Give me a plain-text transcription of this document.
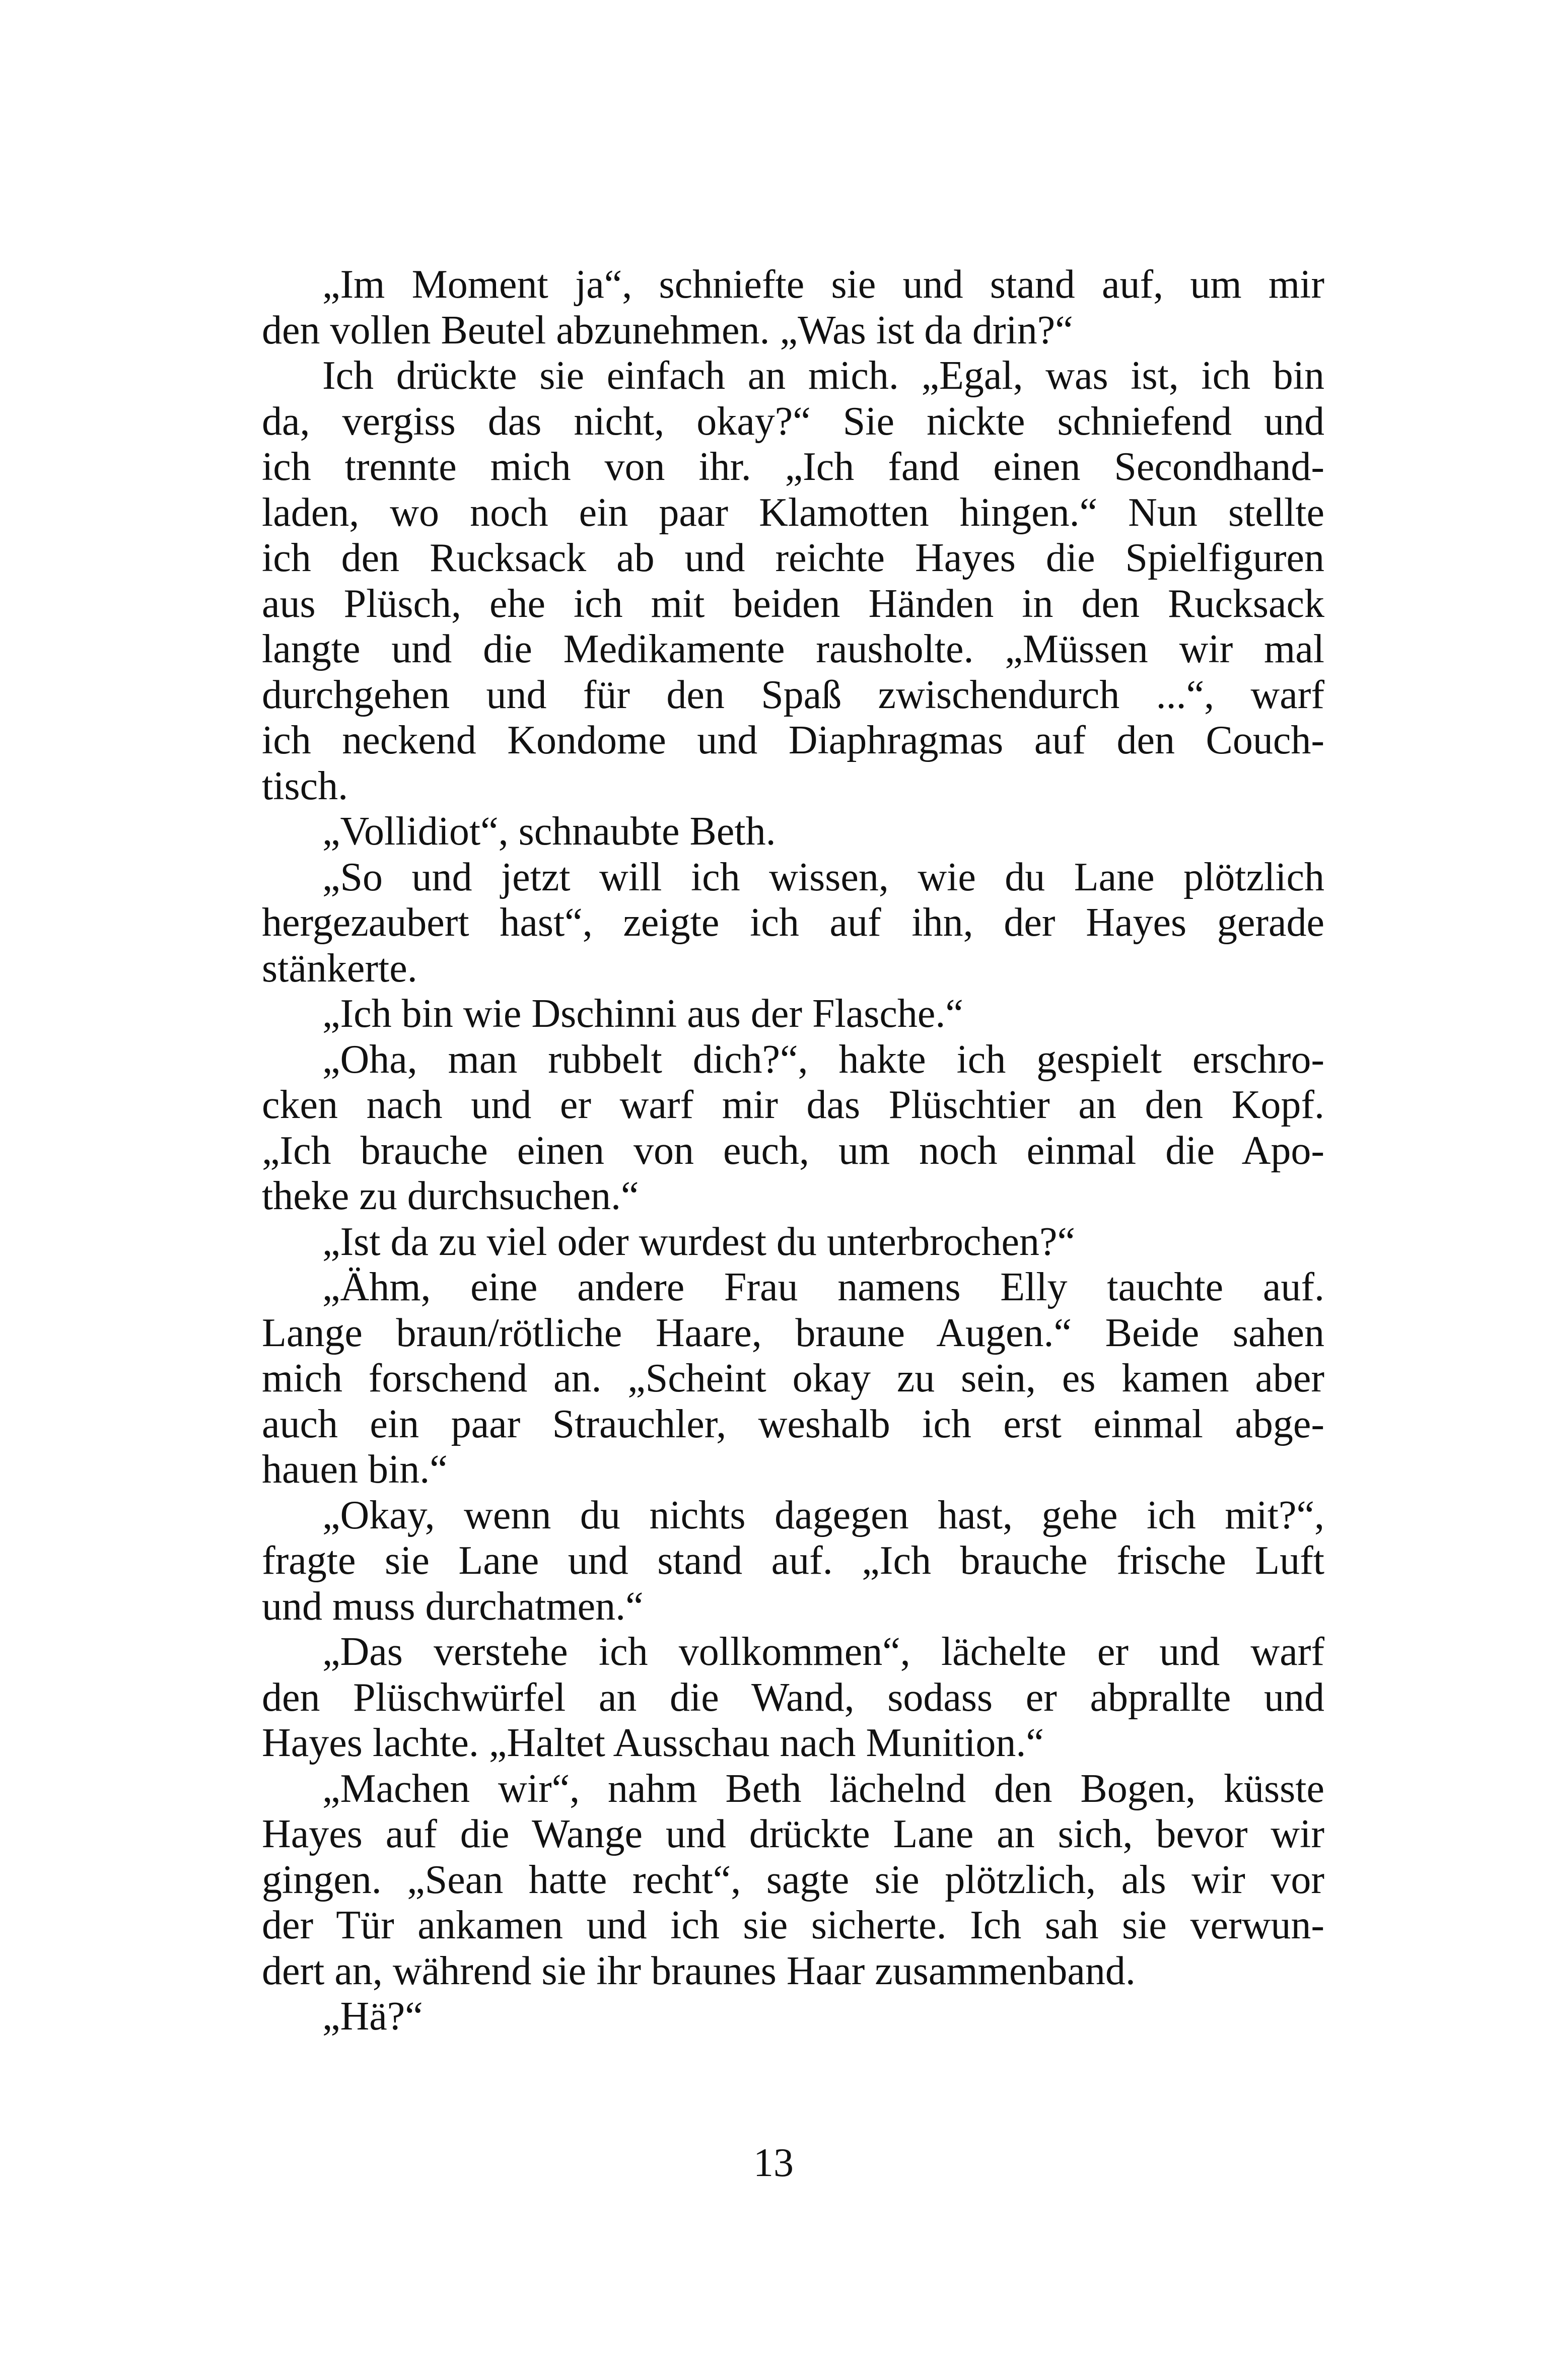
„Im Moment ja“, schniefte sie und stand auf, um mir
den vollen Beutel abzunehmen. „Was ist da drin?“
Ich drückte sie einfach an mich. „Egal, was ist, ich bin
da, vergiss das nicht, okay?“ Sie nickte schniefend und
ich trennte mich von ihr. „Ich fand einen Secondhand-
laden, wo noch ein paar Klamotten hingen.“ Nun stellte
ich den Rucksack ab und reichte Hayes die Spielfiguren
aus Plüsch, ehe ich mit beiden Händen in den Rucksack
langte und die Medikamente rausholte. „Müssen wir mal
durchgehen und für den Spaß zwischendurch ...“, warf
ich neckend Kondome und Diaphragmas auf den Couch-
tisch.
„Vollidiot“, schnaubte Beth.
„So und jetzt will ich wissen, wie du Lane plötzlich
hergezaubert hast“, zeigte ich auf ihn, der Hayes gerade
stänkerte.
„Ich bin wie Dschinni aus der Flasche.“
„Oha, man rubbelt dich?“, hakte ich gespielt erschro-
cken nach und er warf mir das Plüschtier an den Kopf.
„Ich brauche einen von euch, um noch einmal die Apo-
theke zu durchsuchen.“
„Ist da zu viel oder wurdest du unterbrochen?“
„Ähm, eine andere Frau namens Elly tauchte auf.
Lange braun/rötliche Haare, braune Augen.“ Beide sahen
mich forschend an. „Scheint okay zu sein, es kamen aber
auch ein paar Strauchler, weshalb ich erst einmal abge-
hauen bin.“
„Okay, wenn du nichts dagegen hast, gehe ich mit?“,
fragte sie Lane und stand auf. „Ich brauche frische Luft
und muss durchatmen.“
„Das verstehe ich vollkommen“, lächelte er und warf
den Plüschwürfel an die Wand, sodass er abprallte und
Hayes lachte. „Haltet Ausschau nach Munition.“
„Machen wir“, nahm Beth lächelnd den Bogen, küsste
Hayes auf die Wange und drückte Lane an sich, bevor wir
gingen. „Sean hatte recht“, sagte sie plötzlich, als wir vor
der Tür ankamen und ich sie sicherte. Ich sah sie verwun-
dert an, während sie ihr braunes Haar zusammenband.
„Hä?“
13
